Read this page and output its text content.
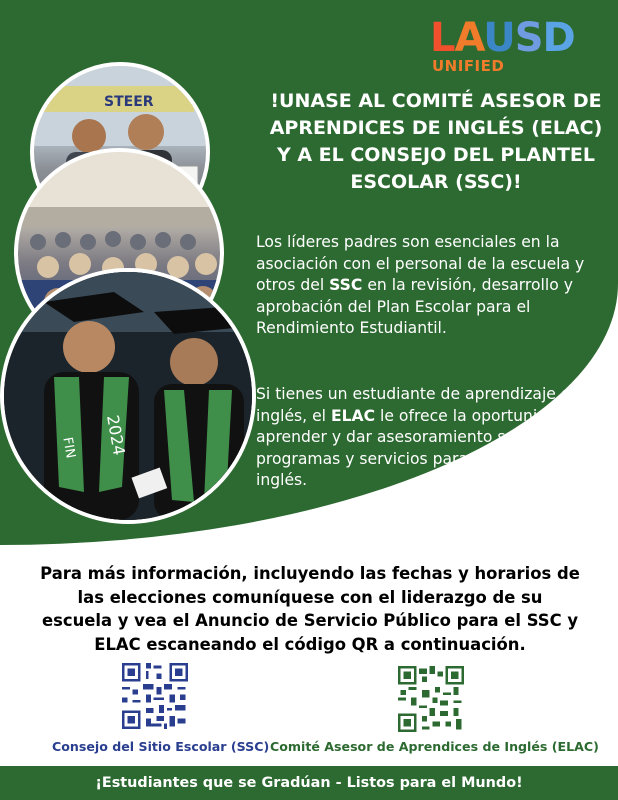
LAUSD
UNIFIED
!UNASE AL COMITÉ ASESOR DE APRENDICES DE INGLÉS (ELAC) Y A EL CONSEJO DEL PLANTEL ESCOLAR (SSC)!
Los líderes padres son esenciales en la asociación con el personal de la escuela y otros del SSC en la revisión, desarrollo y aprobación del Plan Escolar para el Rendimiento Estudiantil.
Si tienes un estudiante de aprendizaje de inglés, el ELAC le ofrece la oportunidad de aprender y dar asesoramiento sobre los programas y servicios para aprendices de inglés.
STEER
FIN 2024
Para más información, incluyendo las fechas y horarios de las elecciones comuníquese con el liderazgo de su escuela y vea el Anuncio de Servicio Público para el SSC y ELAC escaneando el código QR a continuación.
Consejo del Sitio Escolar (SSC) Comité Asesor de Aprendices de Inglés (ELAC)
¡Estudiantes que se Gradúan - Listos para el Mundo!
